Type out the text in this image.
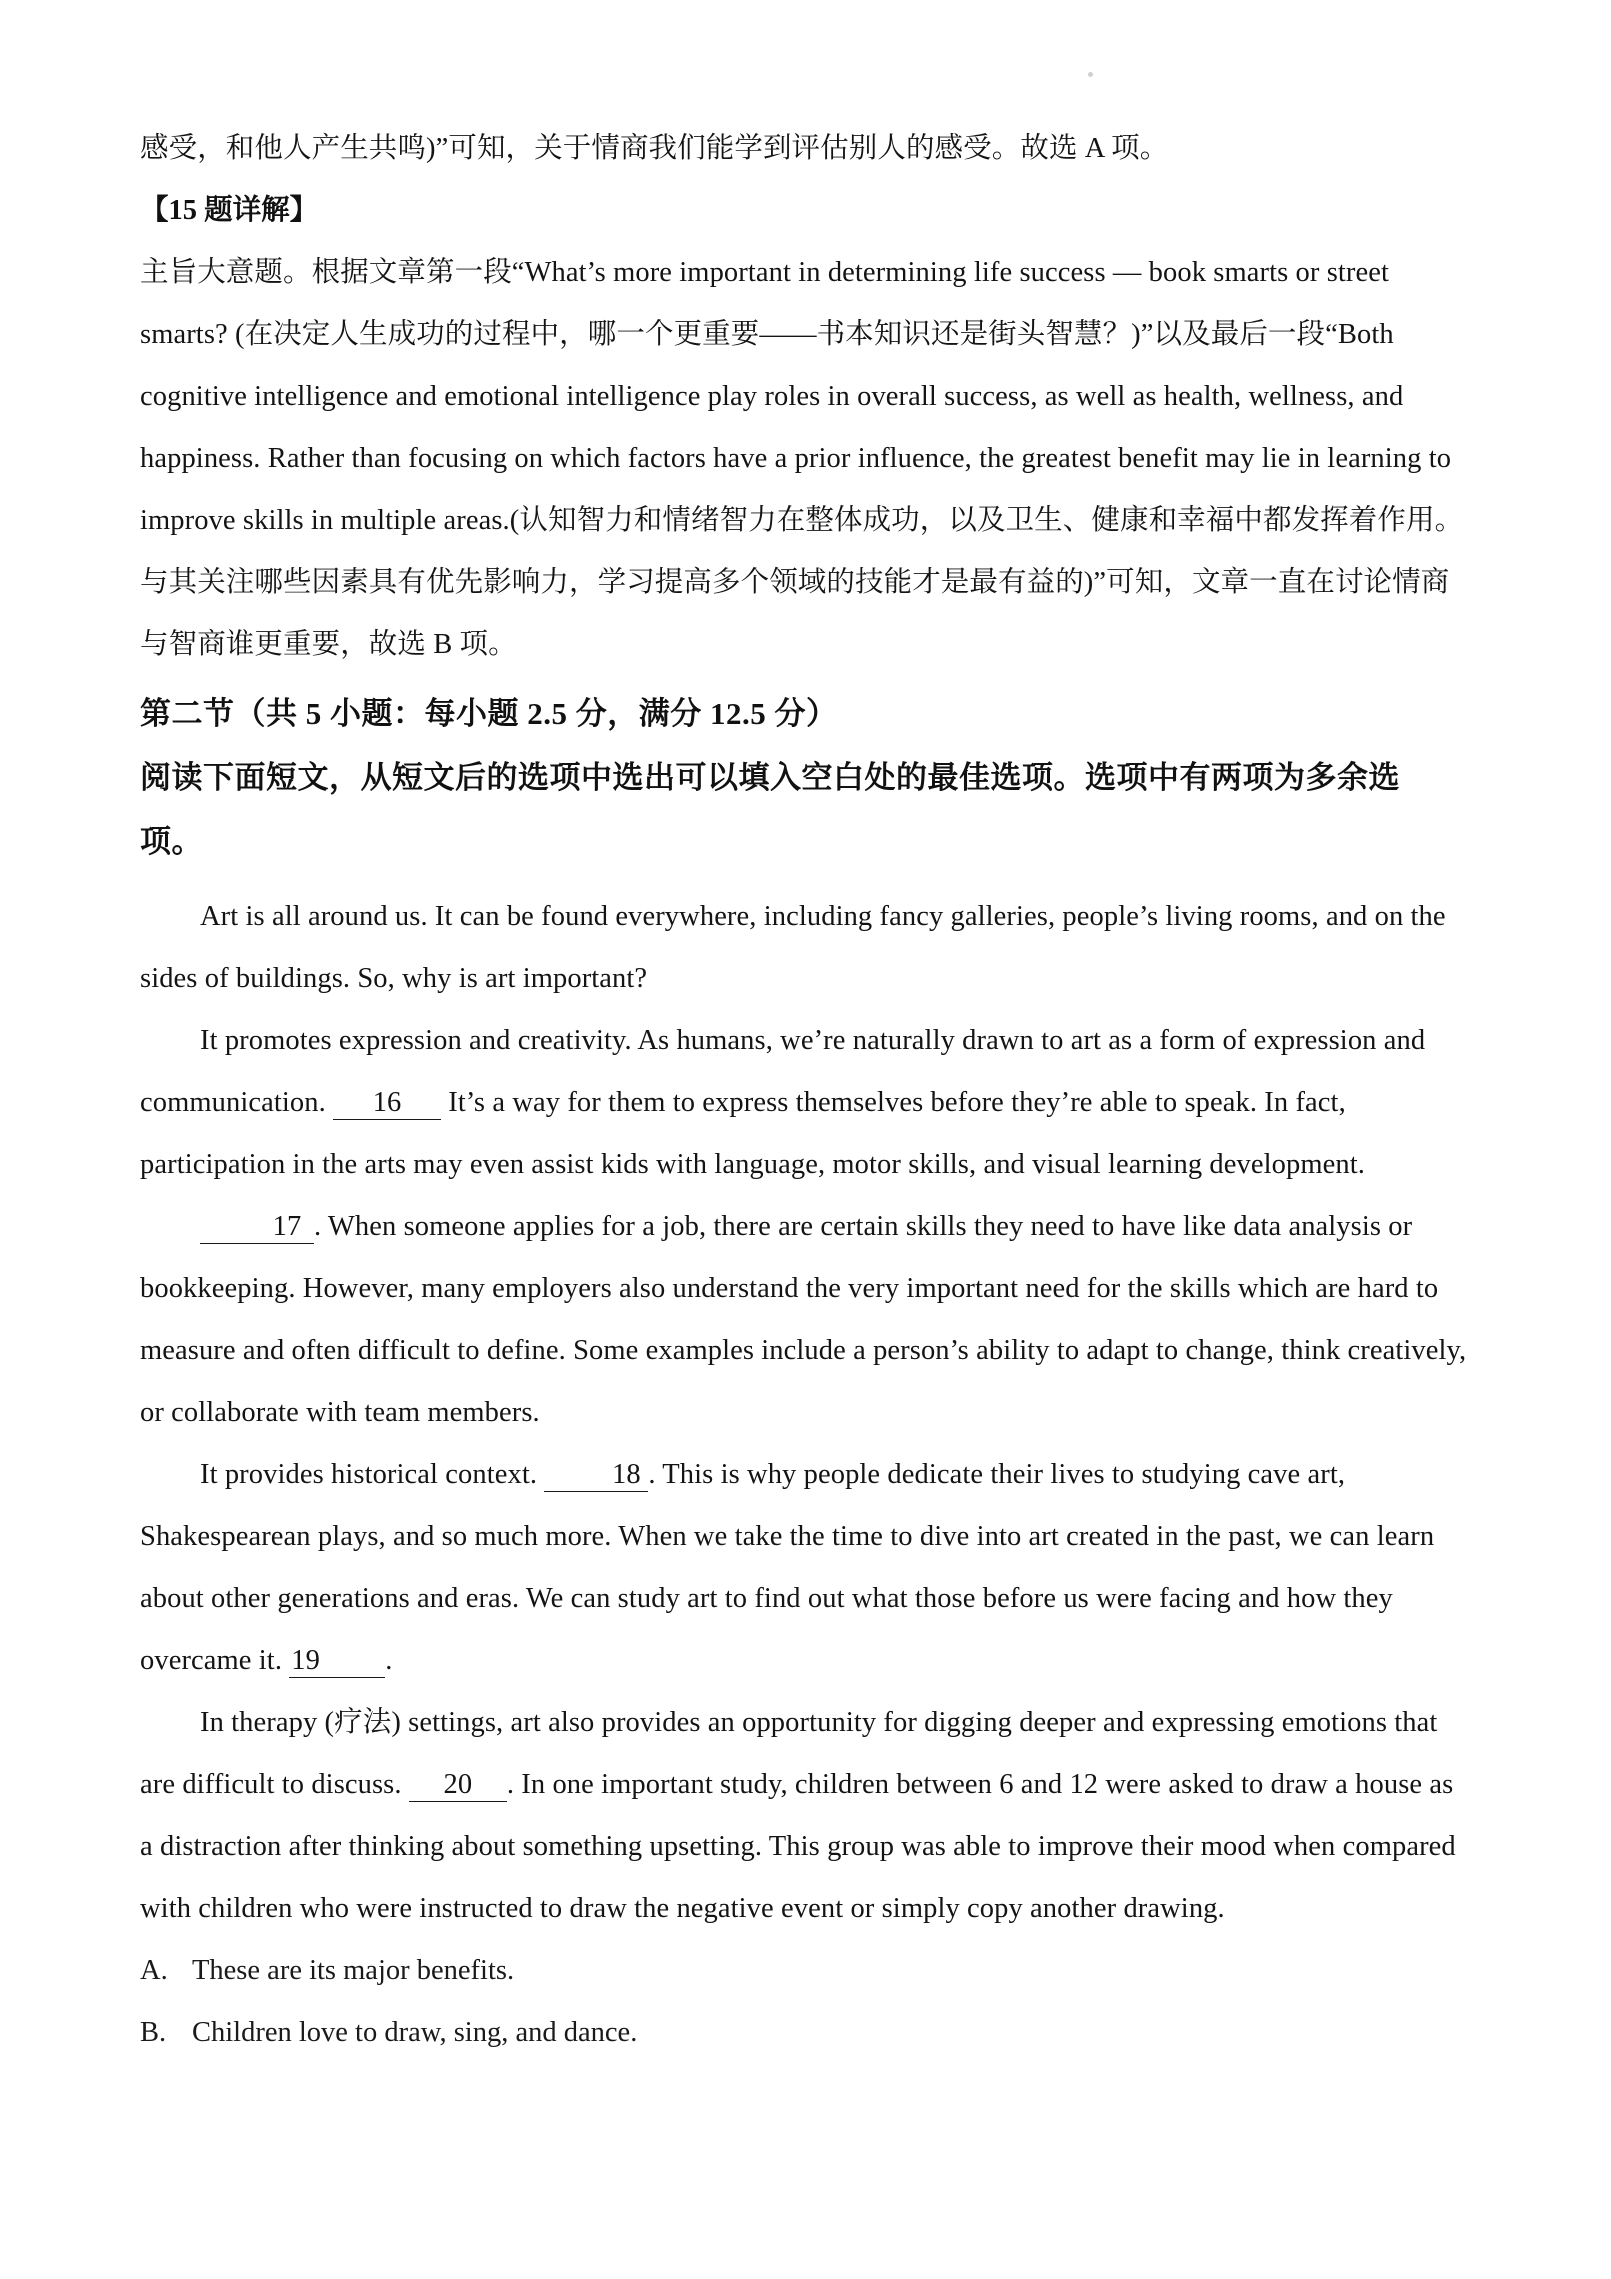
感受，和他人产生共鸣)”可知，关于情商我们能学到评估别人的感受。故选 A 项。

【15 题详解】

主旨大意题。根据文章第一段“What’s more important in determining life success — book smarts or street

smarts? (在决定人生成功的过程中，哪一个更重要——书本知识还是街头智慧？)”以及最后一段“Both

cognitive intelligence and emotional intelligence play roles in overall success, as well as health, wellness, and

happiness. Rather than focusing on which factors have a prior influence, the greatest benefit may lie in learning to

improve skills in multiple areas.(认知智力和情绪智力在整体成功，以及卫生、健康和幸福中都发挥着作用。

与其关注哪些因素具有优先影响力，学习提高多个领域的技能才是最有益的)”可知，文章一直在讨论情商

与智商谁更重要，故选 B 项。

第二节（共 5 小题：每小题 2.5 分，满分 12.5 分）

阅读下面短文，从短文后的选项中选出可以填入空白处的最佳选项。选项中有两项为多余选

项。

Art is all around us. It can be found everywhere, including fancy galleries, people’s living rooms, and on the

sides of buildings. So, why is art important?

It promotes expression and creativity. As humans, we’re naturally drawn to art as a form of expression and

communication. 16 It’s a way for them to express themselves before they’re able to speak. In fact,

participation in the arts may even assist kids with language, motor skills, and visual learning development.

17 . When someone applies for a job, there are certain skills they need to have like data analysis or

bookkeeping. However, many employers also understand the very important need for the skills which are hard to

measure and often difficult to define. Some examples include a person’s ability to adapt to change, think creatively,

or collaborate with team members.

It provides historical context.	18 . This is why people dedicate their lives to studying cave art,

Shakespearean plays, and so much more. When we take the time to dive into art created in the past, we can learn

about other generations and eras. We can study art to find out what those before us were facing and how they

overcame it. 19 .

In therapy (疗法) settings, art also provides an opportunity for digging deeper and expressing emotions that

are difficult to discuss. 20 . In one important study, children between 6 and 12 were asked to draw a house as

a distraction after thinking about something upsetting. This group was able to improve their mood when compared

with children who were instructed to draw the negative event or simply copy another drawing.

A. These are its major benefits.
B. Children love to draw, sing, and dance.
